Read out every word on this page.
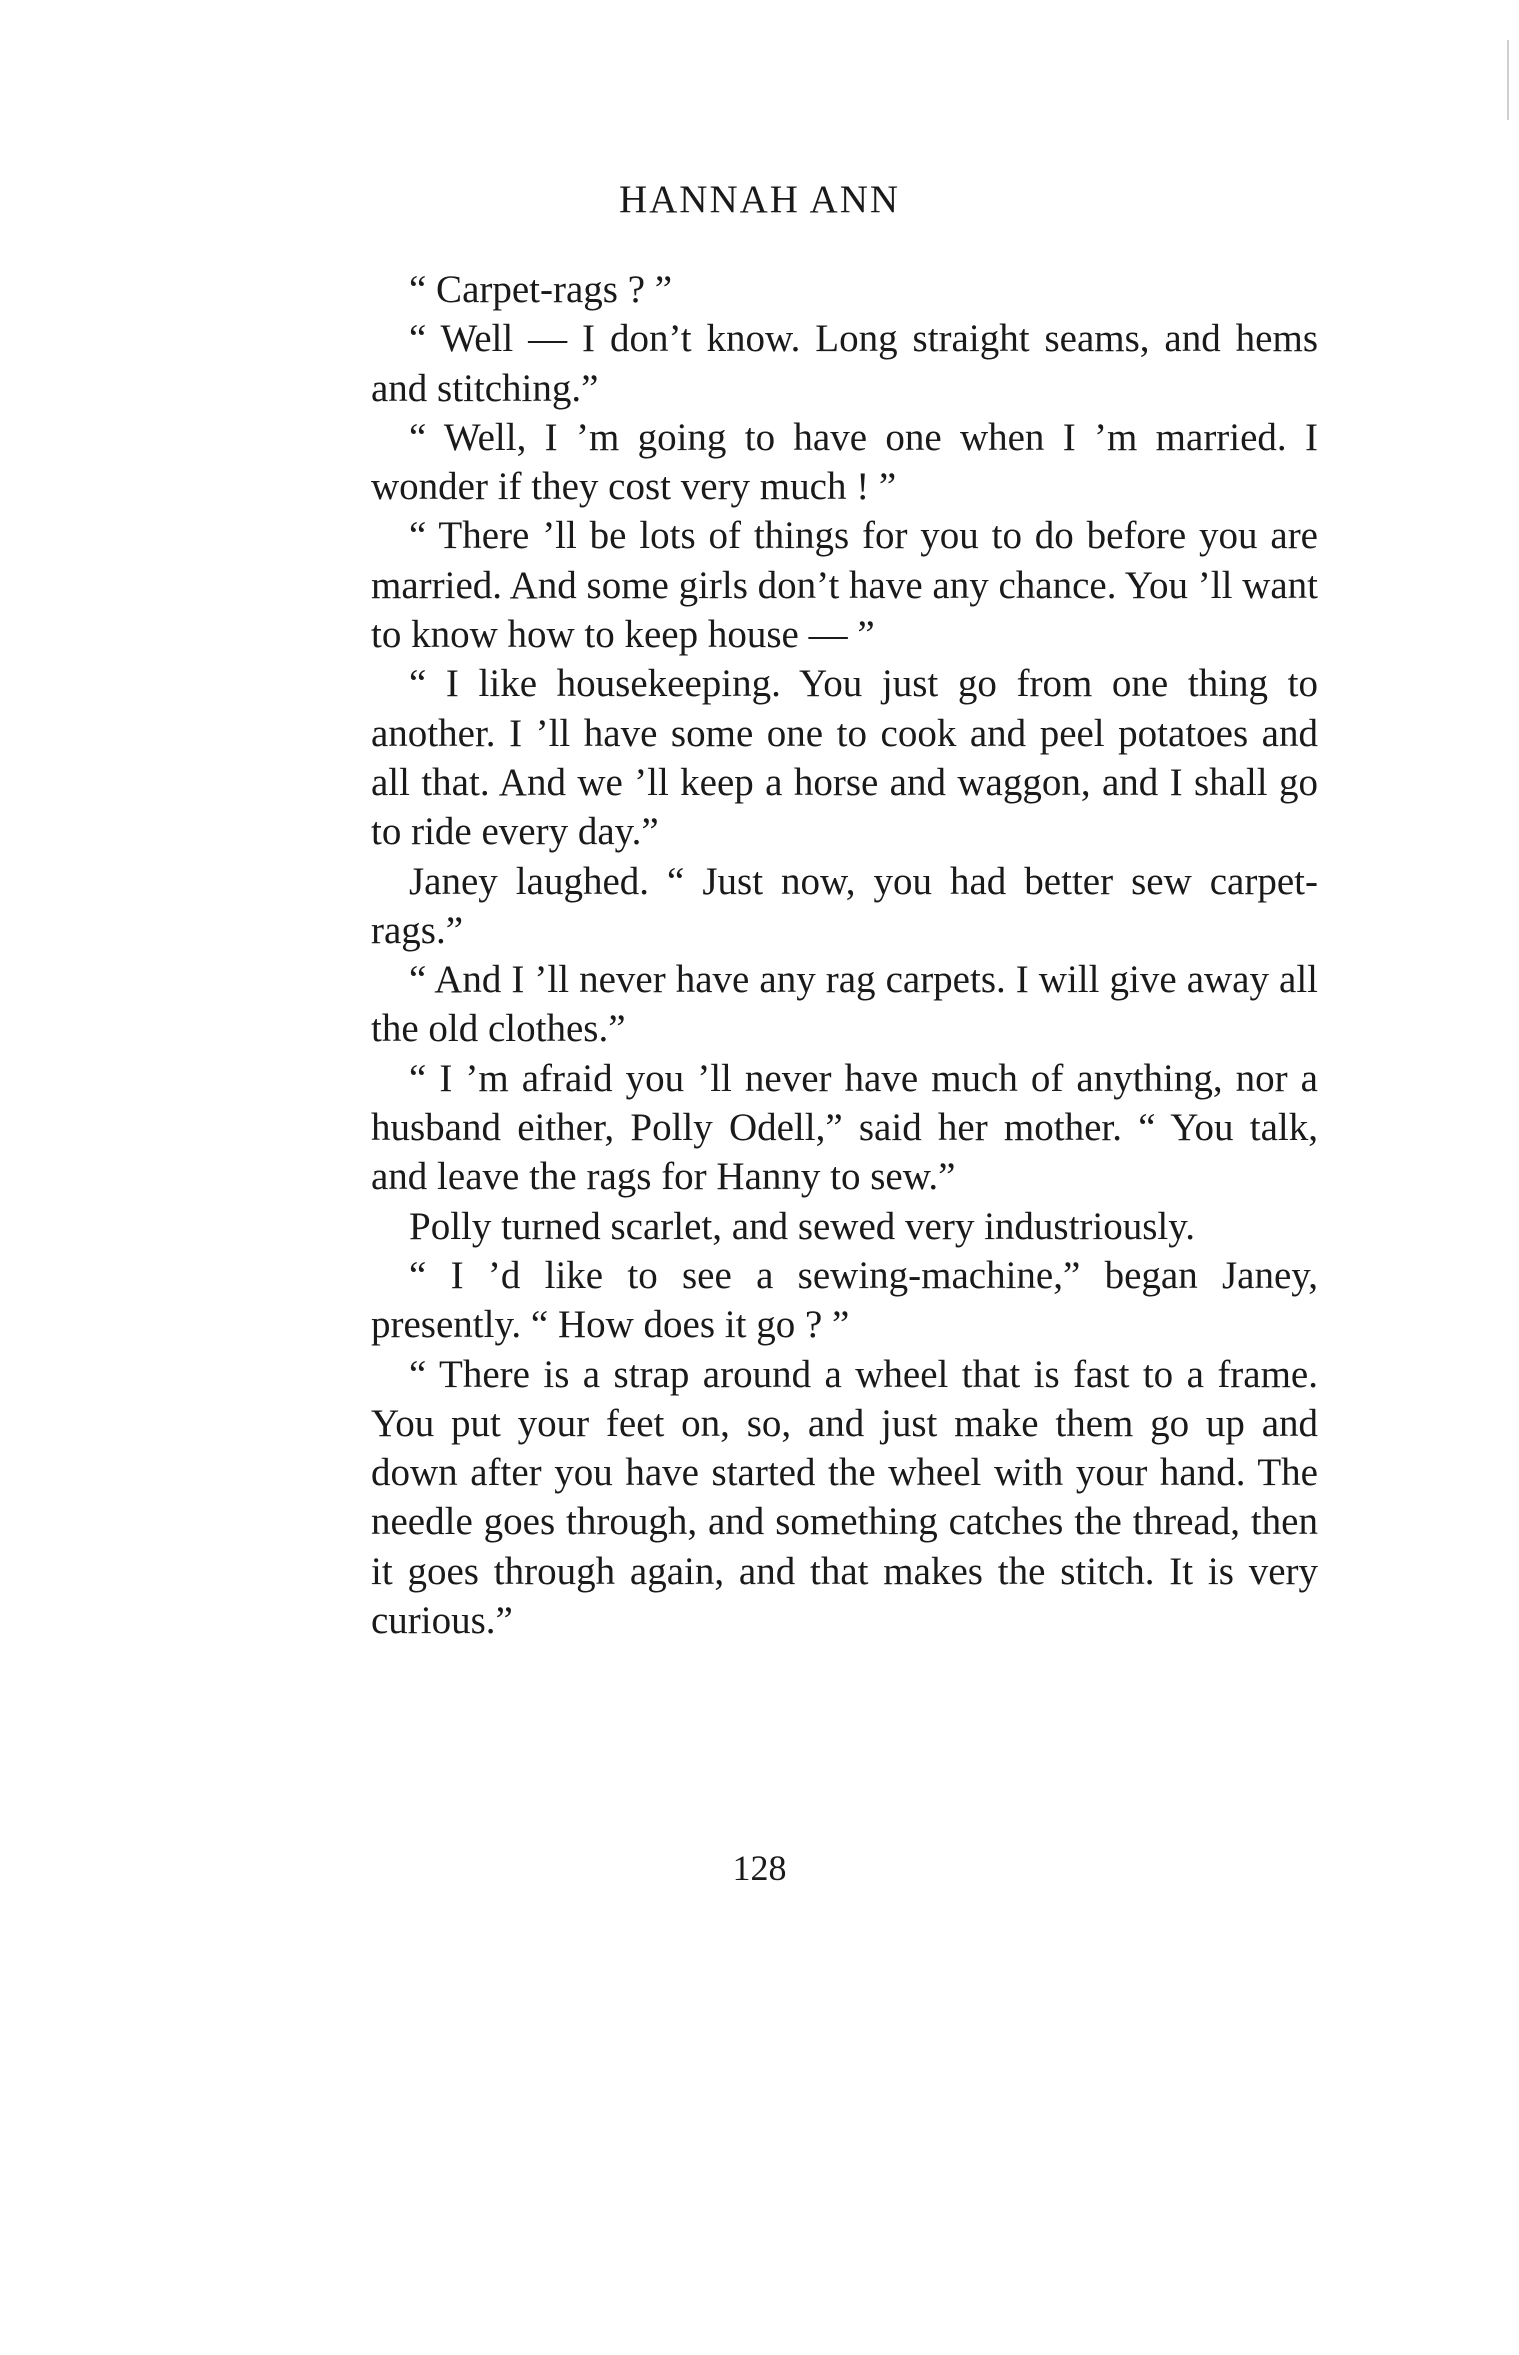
HANNAH ANN

“ Carpet-rags ? ”

“ Well — I don’t know. Long straight seams, and hems and stitching.”

“ Well, I ’m going to have one when I ’m married. I wonder if they cost very much ! ”

“ There ’ll be lots of things for you to do before you are married. And some girls don’t have any chance. You ’ll want to know how to keep house — ”

“ I like housekeeping. You just go from one thing to another. I ’ll have some one to cook and peel potatoes and all that. And we ’ll keep a horse and waggon, and I shall go to ride every day.”

Janey laughed. “ Just now, you had better sew carpet-rags.”

“ And I ’ll never have any rag carpets. I will give away all the old clothes.”

“ I ’m afraid you ’ll never have much of anything, nor a husband either, Polly Odell,” said her mother. “ You talk, and leave the rags for Hanny to sew.”

Polly turned scarlet, and sewed very industriously.

“ I ’d like to see a sewing-machine,” began Janey, presently. “ How does it go ? ”

“ There is a strap around a wheel that is fast to a frame. You put your feet on, so, and just make them go up and down after you have started the wheel with your hand. The needle goes through, and something catches the thread, then it goes through again, and that makes the stitch. It is very curious.”

128
